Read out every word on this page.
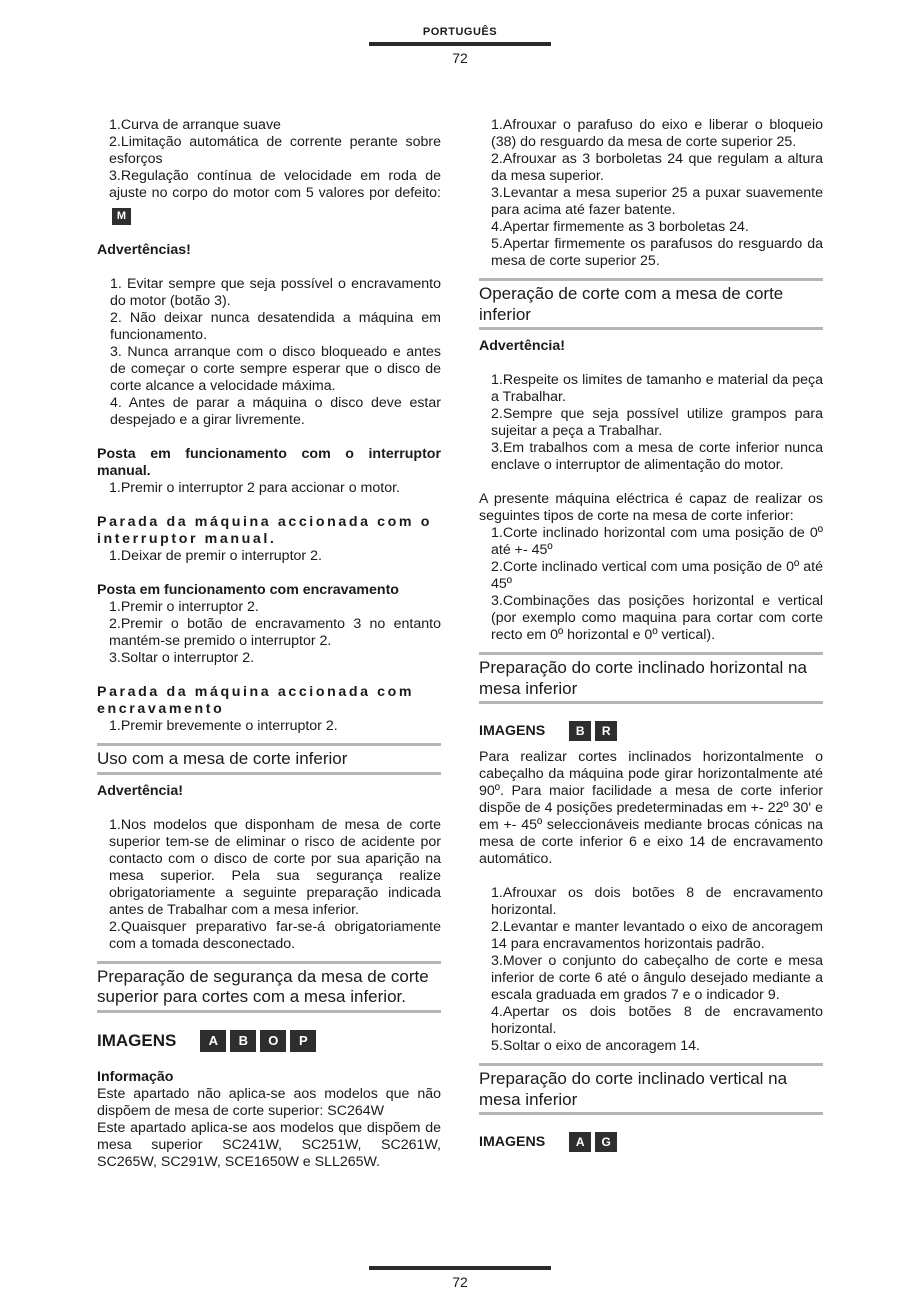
PORTUGUÊS
72
1.Curva de arranque suave
2.Limitação automática de corrente perante sobre esforços
3.Regulação contínua de velocidade em roda de ajuste no corpo do motor com 5 valores por defeito: M
Advertências!
1. Evitar sempre que seja possível o encravamento do motor (botão 3).
2. Não deixar nunca desatendida a máquina em funcionamento.
3. Nunca arranque com o disco bloqueado e antes de começar o corte sempre esperar que o disco de corte alcance a velocidade máxima.
4. Antes de parar a máquina o disco deve estar despejado e a girar livremente.
Posta em funcionamento com o interruptor manual.
1.Premir o interruptor 2 para accionar o motor.
Parada da máquina accionada com o interruptor manual.
1.Deixar de premir o interruptor 2.
Posta em funcionamento com encravamento
1.Premir o interruptor 2.
2.Premir o botão de encravamento 3 no entanto mantém-se premido o interruptor 2.
3.Soltar o interruptor 2.
Parada da máquina accionada com encravamento
1.Premir brevemente o interruptor 2.
Uso com a mesa de corte inferior
Advertência!
1.Nos modelos que disponham de mesa de corte superior tem-se de eliminar o risco de acidente por contacto com o disco de corte por sua aparição na mesa superior. Pela sua segurança realize obrigatoriamente a seguinte preparação indicada antes de Trabalhar com a mesa inferior.
2.Quaisquer preparativo far-se-á obrigatoriamente com a tomada desconectado.
Preparação de segurança da mesa de corte superior para cortes com a mesa inferior.
IMAGENS	A	B	O	P
Informação

Este apartado não aplica-se aos modelos que não dispõem de mesa de corte superior: SC264W

Este apartado aplica-se aos modelos que dispõem de mesa superior SC241W, SC251W, SC261W, SC265W, SC291W, SCE1650W e SLL265W.

1.Afrouxar o parafuso do eixo e liberar o bloqueio (38) do resguardo da mesa de corte superior 25.
2.Afrouxar as 3 borboletas 24 que regulam a altura da mesa superior.
3.Levantar a mesa superior 25 a puxar suavemente para acima até fazer batente.
4.Apertar firmemente as 3 borboletas 24.
5.Apertar firmemente os parafusos do resguardo da mesa de corte superior 25.
Operação de corte com a mesa de corte inferior
Advertência!
1.Respeite os limites de tamanho e material da peça a Trabalhar.
2.Sempre que seja possível utilize grampos para sujeitar a peça a Trabalhar.
3.Em trabalhos com a mesa de corte inferior nunca enclave o interruptor de alimentação do motor.

A presente máquina eléctrica é capaz de realizar os seguintes tipos de corte na mesa de corte inferior:

1.Corte inclinado horizontal com uma posição de 0º até +- 45º
2.Corte inclinado vertical com uma posição de 0º até 45º
3.Combinações das posições horizontal e vertical (por exemplo como maquina para cortar com corte recto em 0º horizontal e 0º vertical).
Preparação do corte inclinado horizontal na mesa inferior
IMAGENS	B	R

Para realizar cortes inclinados horizontalmente o cabeçalho da máquina pode girar horizontalmente até 90º. Para maior facilidade a mesa de corte inferior dispõe de 4 posições predeterminadas em +- 22º 30' e em +- 45º seleccionáveis mediante brocas cónicas na mesa de corte inferior 6 e eixo 14 de encravamento automático.

1.Afrouxar os dois botões 8 de encravamento horizontal.
2.Levantar e manter levantado o eixo de ancoragem 14 para encravamentos horizontais padrão.
3.Mover o conjunto do cabeçalho de corte e mesa inferior de corte 6 até o ângulo desejado mediante a escala graduada em grados 7 e o indicador 9.
4.Apertar os dois botões 8 de encravamento horizontal.
5.Soltar o eixo de ancoragem 14.
Preparação do corte inclinado vertical na mesa inferior
IMAGENS	A	G
72
